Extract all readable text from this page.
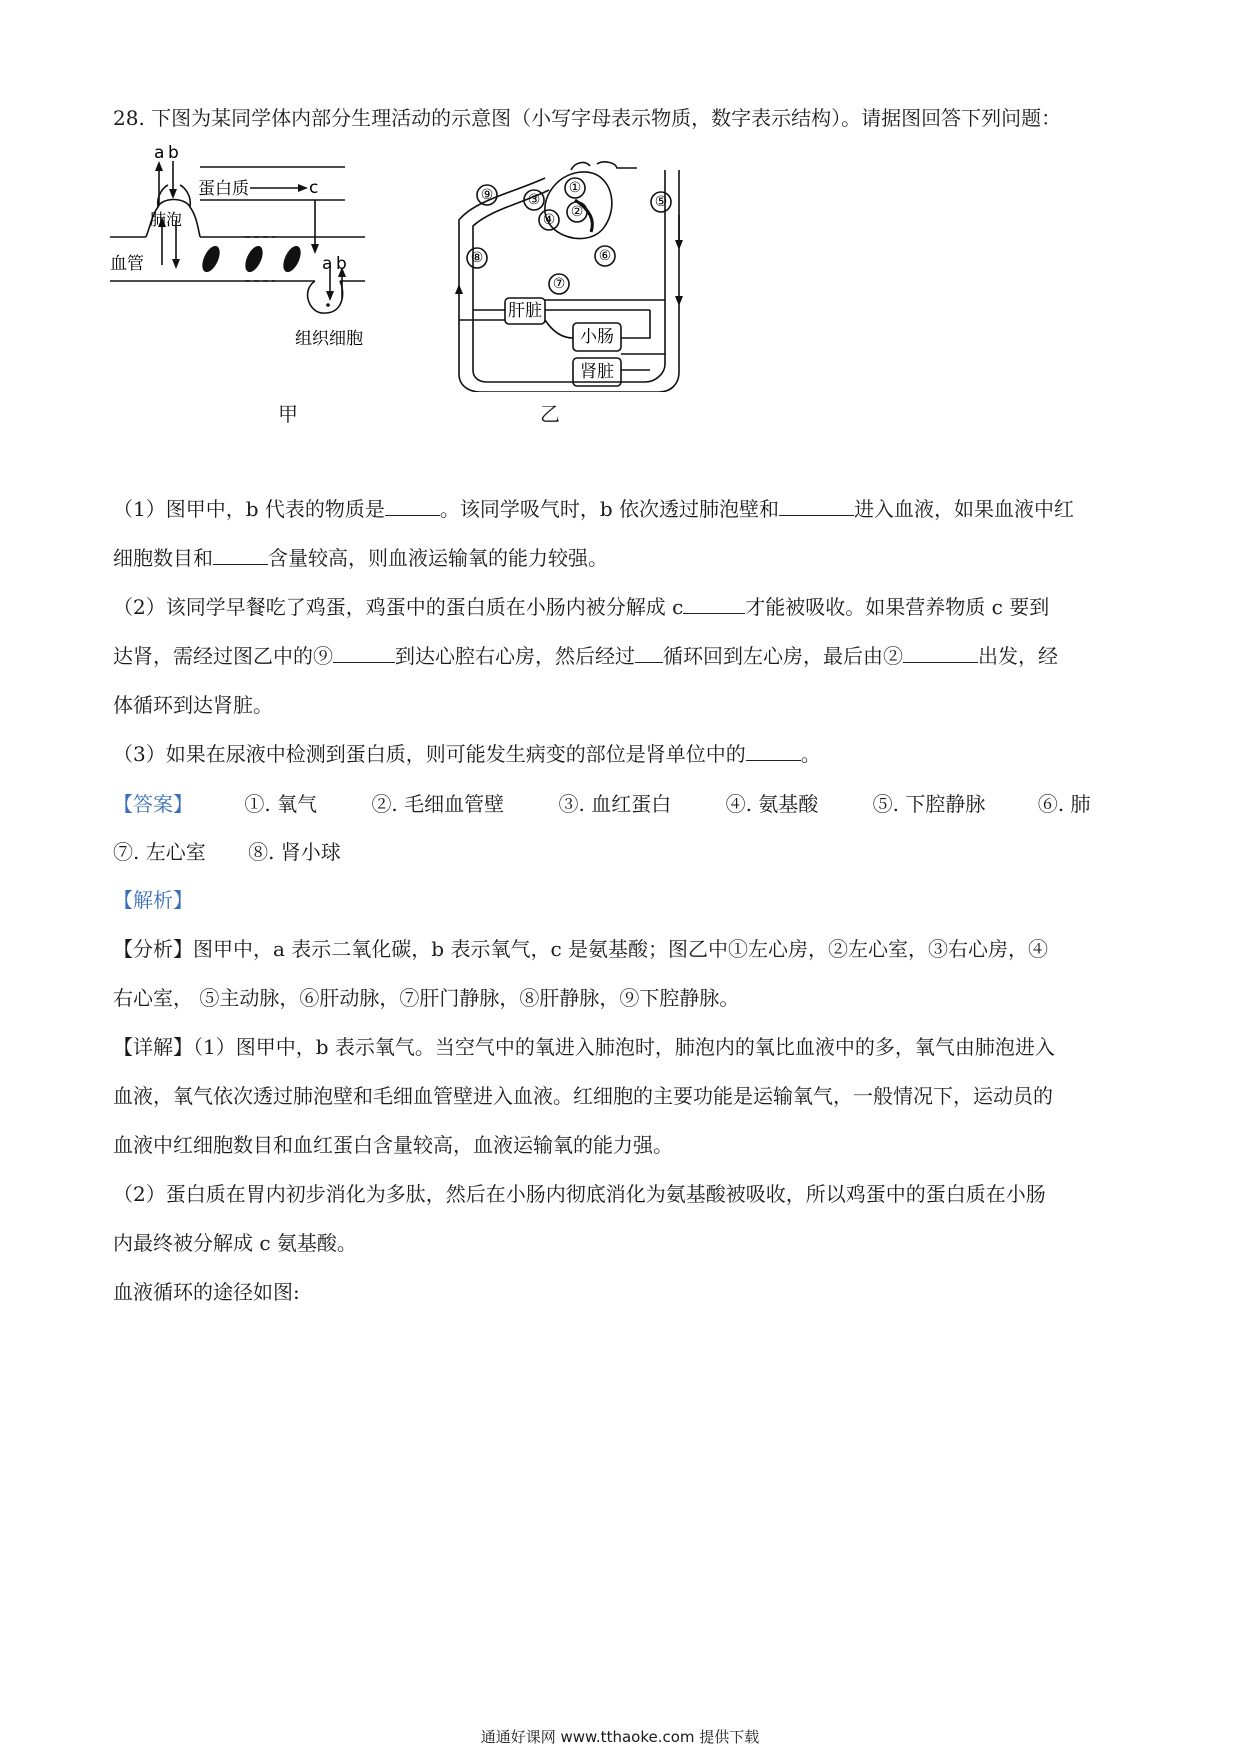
28. 下图为某同学体内部分生理活动的示意图（小写字母表示物质，数字表示结构）。请据图回答下列问题：
a b
蛋白质	c
肺泡
血管	a b
组织细胞
甲
①
②
③
④
⑤
⑥
⑦
⑧
⑨
肝脏
小肠
肾脏
乙
（1）图甲中，b 代表的物质是	。该同学吸气时，b 依次透过肺泡壁和	进入血液，如果血液中红
细胞数目和	含量较高，则血液运输氧的能力较强。
（2）该同学早餐吃了鸡蛋，鸡蛋中的蛋白质在小肠内被分解成 c	才能被吸收。如果营养物质 c 要到
达肾，需经过图乙中的⑨	到达心腔右心房，然后经过 循环回到左心房，最后由②	出发，经
体循环到达肾脏。
（3）如果在尿液中检测到蛋白质，则可能发生病变的部位是肾单位中的	。
【答案】	①. 氧气	②. 毛细血管壁	③. 血红蛋白	④. 氨基酸	⑤. 下腔静脉	⑥. 肺
⑦. 左心室 ⑧. 肾小球
【解析】
【分析】图甲中，a 表示二氧化碳，b 表示氧气，c 是氨基酸；图乙中①左心房，②左心室，③右心房，④
右心室， ⑤主动脉，⑥肝动脉，⑦肝门静脉，⑧肝静脉，⑨下腔静脉。
【详解】（1）图甲中，b 表示氧气。当空气中的氧进入肺泡时，肺泡内的氧比血液中的多，氧气由肺泡进入
血液，氧气依次透过肺泡壁和毛细血管壁进入血液。红细胞的主要功能是运输氧气，一般情况下，运动员的
血液中红细胞数目和血红蛋白含量较高，血液运输氧的能力强。
（2）蛋白质在胃内初步消化为多肽，然后在小肠内彻底消化为氨基酸被吸收，所以鸡蛋中的蛋白质在小肠
内最终被分解成 c 氨基酸。
血液循环的途径如图:
通通好课网 www.tthaoke.com 提供下载
